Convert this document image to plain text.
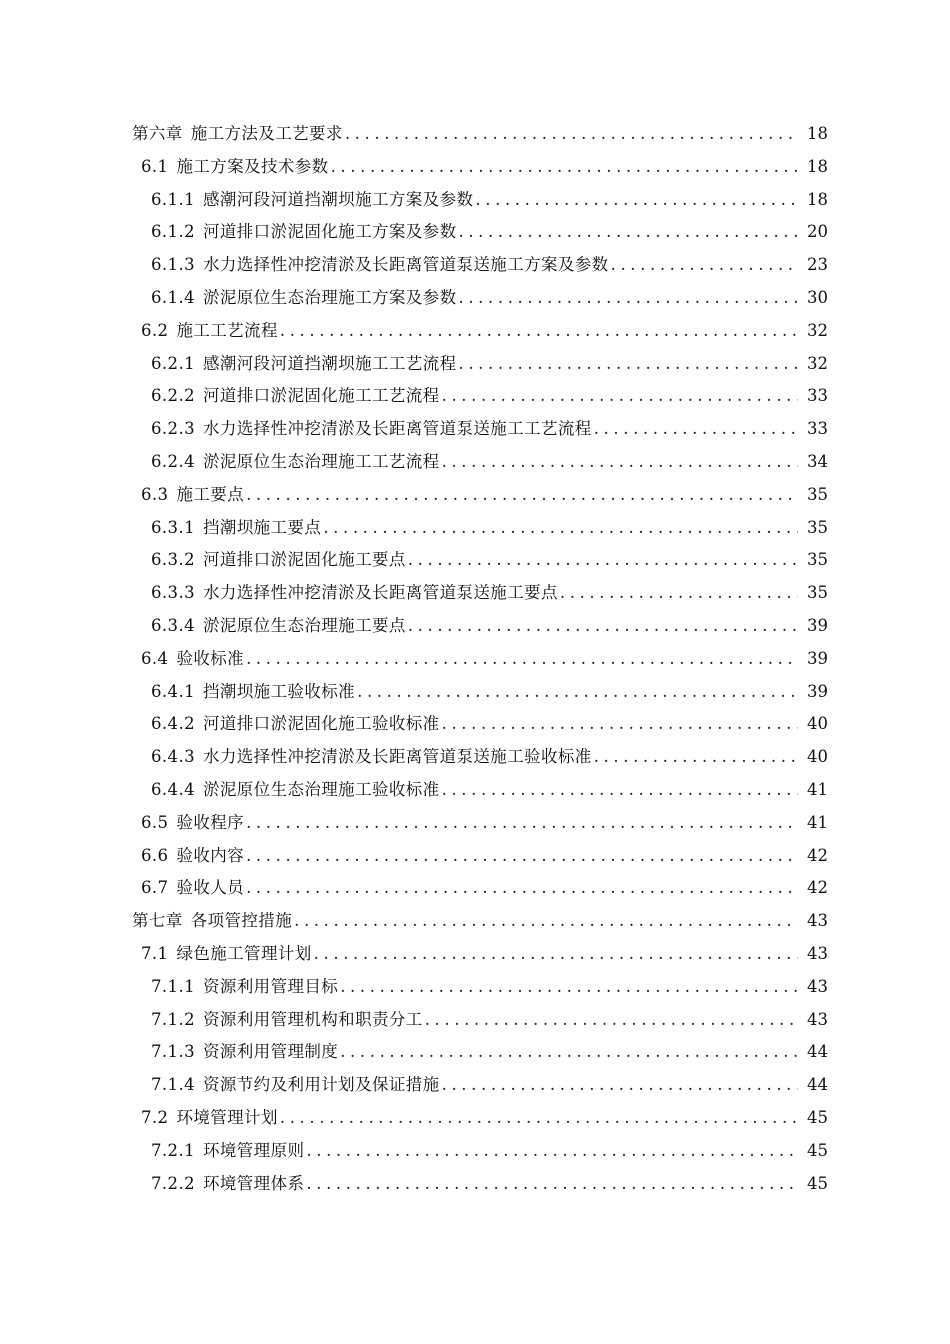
第六章 施工方法及工艺要求 .....	18
6.1 施工方案及技术参数 .....	18
6.1.1 感潮河段河道挡潮坝施工方案及参数 .....	18
6.1.2 河道排口淤泥固化施工方案及参数 .....	20
6.1.3 水力选择性冲挖清淤及长距离管道泵送施工方案及参数 .....	23
6.1.4 淤泥原位生态治理施工方案及参数 .....	30
6.2 施工工艺流程 .....	32
6.2.1 感潮河段河道挡潮坝施工工艺流程 .....	32
6.2.2 河道排口淤泥固化施工工艺流程 .....	33
6.2.3 水力选择性冲挖清淤及长距离管道泵送施工工艺流程 .....	33
6.2.4 淤泥原位生态治理施工工艺流程 .....	34
6.3 施工要点 .....	35
6.3.1 挡潮坝施工要点 .....	35
6.3.2 河道排口淤泥固化施工要点 .....	35
6.3.3 水力选择性冲挖清淤及长距离管道泵送施工要点 .....	35
6.3.4 淤泥原位生态治理施工要点 .....	39
6.4 验收标准 .....	39
6.4.1 挡潮坝施工验收标准 .....	39
6.4.2 河道排口淤泥固化施工验收标准 .....	40
6.4.3 水力选择性冲挖清淤及长距离管道泵送施工验收标准 .....	40
6.4.4 淤泥原位生态治理施工验收标准 .....	41
6.5 验收程序 .....	41
6.6 验收内容 .....	42
6.7 验收人员 .....	42
第七章 各项管控措施 .....	43
7.1 绿色施工管理计划 .....	43
7.1.1 资源利用管理目标 .....	43
7.1.2 资源利用管理机构和职责分工 .....	43
7.1.3 资源利用管理制度 .....	44
7.1.4 资源节约及利用计划及保证措施 .....	44
7.2 环境管理计划 .....	45
7.2.1 环境管理原则 .....	45
7.2.2 环境管理体系 .....	45
